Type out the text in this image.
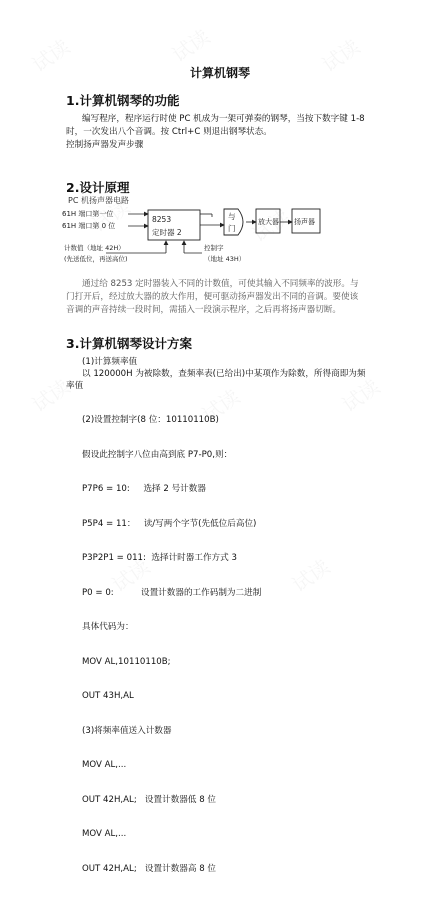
计算机钢琴
1.计算机钢琴的功能
编写程序，程序运行时使 PC 机成为一架可弹奏的钢琴，当按下数字键 1-8
时，一次发出八个音调。按 Ctrl+C 则退出钢琴状态。
控制扬声器发声步骤
2.设计原理
PC 机扬声器电路
61H 端口第一位
61H 端口第 0 位
8253
定时器 2
与
门
放大器 扬声器
计数值（地址 42H）
(先送低位，再送高位)
控制字
（地址 43H）
通过给 8253 定时器装入不同的计数值，可使其输入不同频率的波形。与
门打开后，经过放大器的放大作用，便可驱动扬声器发出不同的音调。要使该
音调的声音持续一段时间，需插入一段演示程序，之后再将扬声器切断。
3.计算机钢琴设计方案
(1)计算频率值
以 120000H 为被除数，查频率表(已给出)中某项作为除数，所得商即为频
率值

(2)设置控制字(8 位：10110110B)

假设此控制字八位由高到底 P7-P0,则：

P7P6 = 10:     选择 2 号计数器

P5P4 = 11：   读/写两个字节(先低位后高位)

P3P2P1 = 011:  选择计时器工作方式 3

P0 = 0:          设置计数器的工作码制为二进制

具体代码为：

MOV AL,10110110B;

OUT 43H,AL

(3)将频率值送入计数器

MOV AL,...

OUT 42H,AL;   设置计数器低 8 位

MOV AL,...

OUT 42H,AL;   设置计数器高 8 位
